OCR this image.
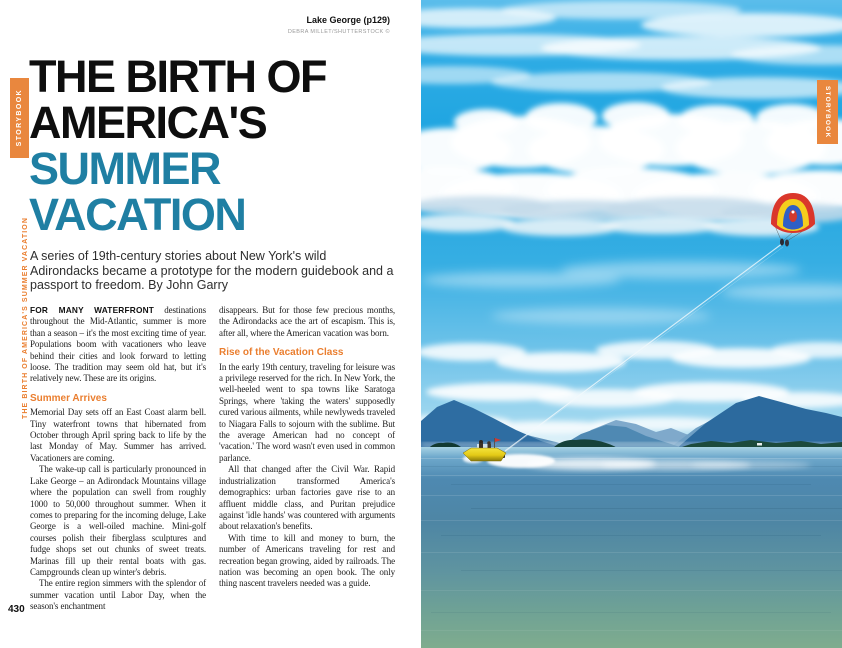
STORYBOOK
THE BIRTH OF AMERICA'S SUMMER VACATION
Lake George (p129)
DEBRA MILLET/SHUTTERSTOCK ©
THE BIRTH OF
AMERICA'S
SUMMER
VACATION
A series of 19th-century stories about New York's wild Adirondacks became a prototype for the modern guidebook and a passport to freedom. By John Garry

FOR MANY WATERFRONT destinations throughout the Mid-Atlantic, summer is more than a season – it's the most exciting time of year. Populations boom with vacationers who leave behind their cities and look forward to letting loose. The tradition may seem old hat, but it's relatively new. These are its origins.

Summer Arrives

Memorial Day sets off an East Coast alarm bell. Tiny waterfront towns that hibernated from October through April spring back to life by the last Monday of May. Summer has arrived. Vacationers are coming.

The wake-up call is particularly pronounced in Lake George – an Adirondack Mountains village where the population can swell from roughly 1000 to 50,000 throughout summer. When it comes to preparing for the incoming deluge, Lake George is a well-oiled machine. Mini-golf courses polish their fiberglass sculptures and fudge shops set out chunks of sweet treats. Marinas fill up their rental boats with gas. Campgrounds clean up winter's debris.

The entire region simmers with the splendor of summer vacation until Labor Day, when the season's enchantment

disappears. But for those few precious months, the Adirondacks ace the art of escapism. This is, after all, where the American vacation was born.

Rise of the Vacation Class

In the early 19th century, traveling for leisure was a privilege reserved for the rich. In New York, the well-heeled went to spa towns like Saratoga Springs, where 'taking the waters' supposedly cured various ailments, while newlyweds traveled to Niagara Falls to sojourn with the sublime. But the average American had no concept of 'vacation.' The word wasn't even used in common parlance.

All that changed after the Civil War. Rapid industrialization transformed America's demographics: urban factories gave rise to an affluent middle class, and Puritan prejudice against 'idle hands' was countered with arguments about relaxation's benefits.

With time to kill and money to burn, the number of Americans traveling for rest and recreation began growing, aided by railroads. The nation was becoming an open book. The only thing nascent travelers needed was a guide.

430
STORYBOOK
